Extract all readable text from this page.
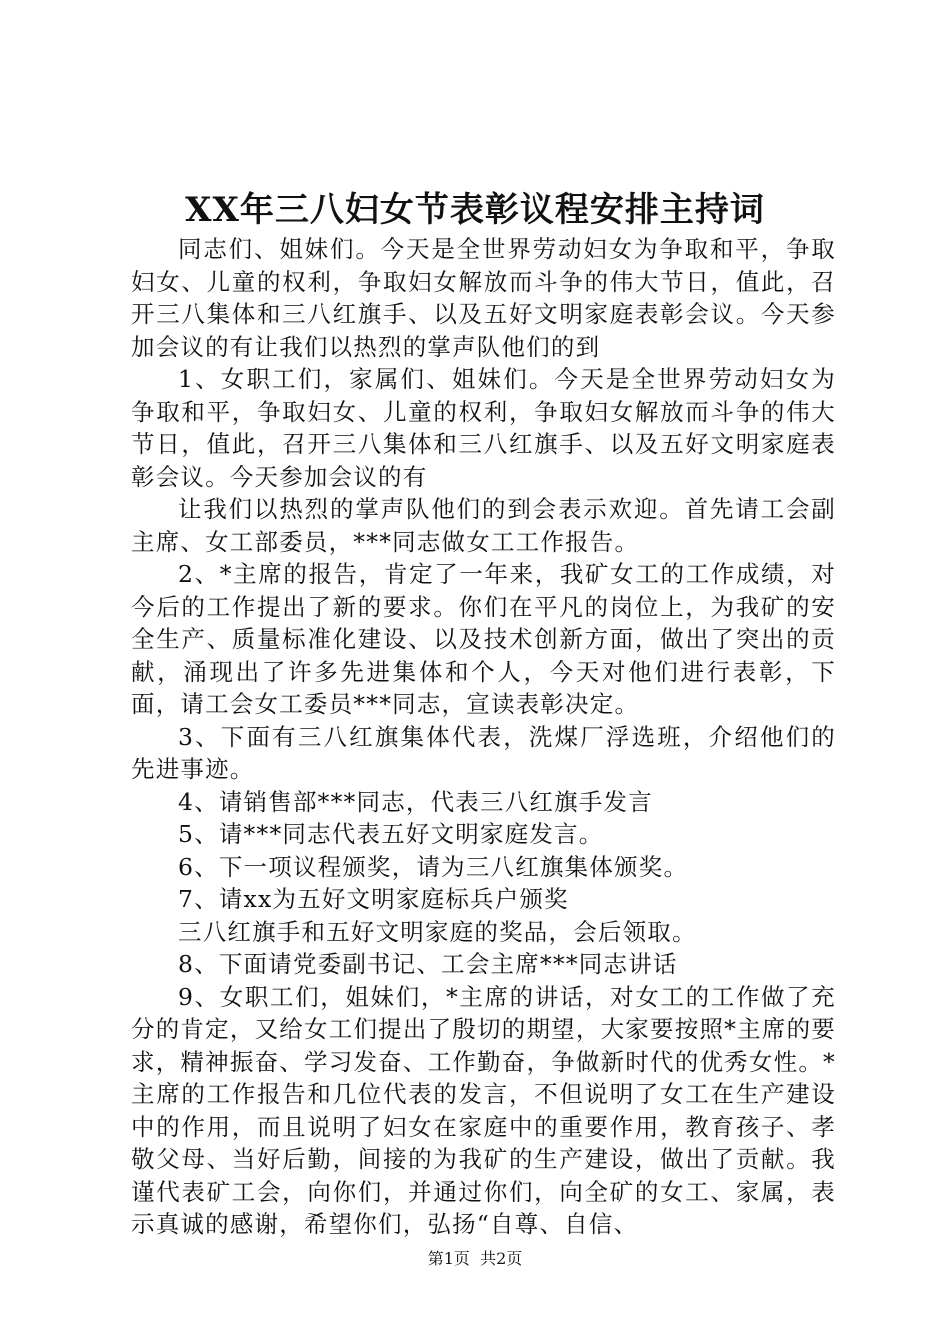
XX年三八妇女节表彰议程安排主持词

同志们、姐妹们。今天是全世界劳动妇女为争取和平，争取妇女、儿童的权利，争取妇女解放而斗争的伟大节日，值此，召开三八集体和三八红旗手、以及五好文明家庭表彰会议。今天参加会议的有让我们以热烈的掌声队他们的到

1、女职工们，家属们、姐妹们。今天是全世界劳动妇女为争取和平，争取妇女、儿童的权利，争取妇女解放而斗争的伟大节日，值此，召开三八集体和三八红旗手、以及五好文明家庭表彰会议。今天参加会议的有

让我们以热烈的掌声队他们的到会表示欢迎。首先请工会副主席、女工部委员，***同志做女工工作报告。

2、*主席的报告，肯定了一年来，我矿女工的工作成绩，对今后的工作提出了新的要求。你们在平凡的岗位上，为我矿的安全生产、质量标准化建设、以及技术创新方面，做出了突出的贡献，涌现出了许多先进集体和个人，今天对他们进行表彰，下面，请工会女工委员***同志，宣读表彰决定。

3、下面有三八红旗集体代表，洗煤厂浮选班，介绍他们的先进事迹。

4、请销售部***同志，代表三八红旗手发言

5、请***同志代表五好文明家庭发言。

6、下一项议程颁奖，请为三八红旗集体颁奖。

7、请xx为五好文明家庭标兵户颁奖

三八红旗手和五好文明家庭的奖品，会后领取。

8、下面请党委副书记、工会主席***同志讲话

9、女职工们，姐妹们，*主席的讲话，对女工的工作做了充分的肯定，又给女工们提出了殷切的期望，大家要按照*主席的要求，精神振奋、学习发奋、工作勤奋，争做新时代的优秀女性。*主席的工作报告和几位代表的发言，不但说明了女工在生产建设中的作用，而且说明了妇女在家庭中的重要作用，教育孩子、孝敬父母、当好后勤，间接的为我矿的生产建设，做出了贡献。我谨代表矿工会，向你们，并通过你们，向全矿的女工、家属，表示真诚的感谢，希望你们，弘扬“自尊、自信、

第1页  共2页
